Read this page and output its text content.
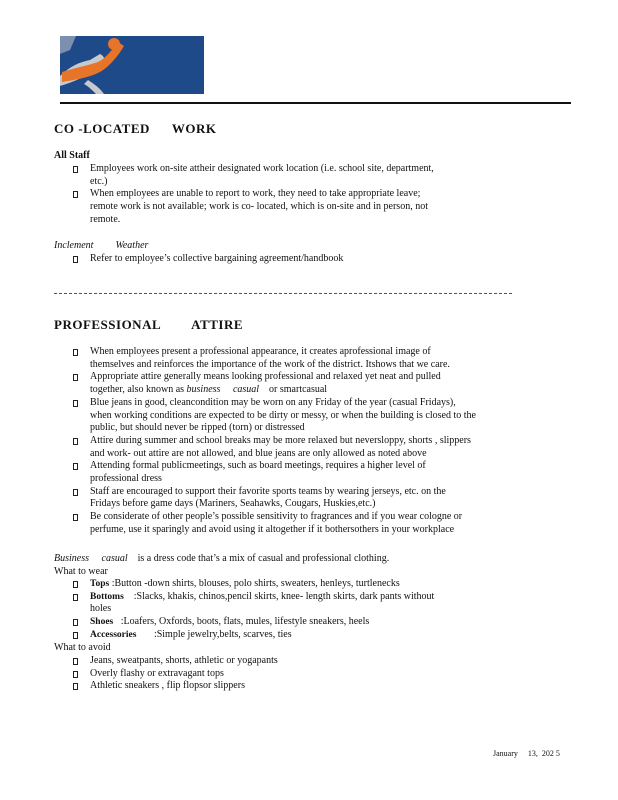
CO -LOCATED WORK
All Staff
Employees work on-site attheir designated work location (i.e. school site, department,
etc.)
When employees are unable to report to work, they need to take appropriate leave;
remote work is not available; work is co- located, which is on-site and in person, not
remote.
Inclement Weather
Refer to employee’s collective bargaining agreement/handbook
PROFESSIONAL ATTIRE
When employees present a professional appearance, it creates aprofessional image of
themselves and reinforces the importance of the work of the district. Itshows that we care.
Appropriate attire generally means looking professional and relaxed yet neat and pulled
together, also known as business casual or smartcasual
Blue jeans in good, cleancondition may be worn on any Friday of the year (casual Fridays),
when working conditions are expected to be dirty or messy, or when the building is closed to the
public, but should never be ripped (torn) or distressed
Attire during summer and school breaks may be more relaxed but neversloppy, shorts , slippers
and work- out attire are not allowed, and blue jeans are only allowed as noted above
Attending formal publicmeetings, such as board meetings, requires a higher level of
professional dress
Staff are encouraged to support their favorite sports teams by wearing jerseys, etc. on the
Fridays before game days (Mariners, Seahawks, Cougars, Huskies,etc.)
Be considerate of other people’s possible sensitivity to fragrances and if you wear cologne or
perfume, use it sparingly and avoid using it altogether if it bothersothers in your workplace
Business casual is a dress code that’s a mix of casual and professional clothing.
What to wear
Tops :Button -down shirts, blouses, polo shirts, sweaters, henleys, turtlenecks
Bottoms :Slacks, khakis, chinos,pencil skirts, knee- length skirts, dark pants without
holes
Shoes :Loafers, Oxfords, boots, flats, mules, lifestyle sneakers, heels
Accessories :Simple jewelry,belts, scarves, ties
What to avoid
Jeans, sweatpants, shorts, athletic or yogapants
Overly flashy or extravagant tops
Athletic sneakers , flip flopsor slippers
January 13, 202 5
